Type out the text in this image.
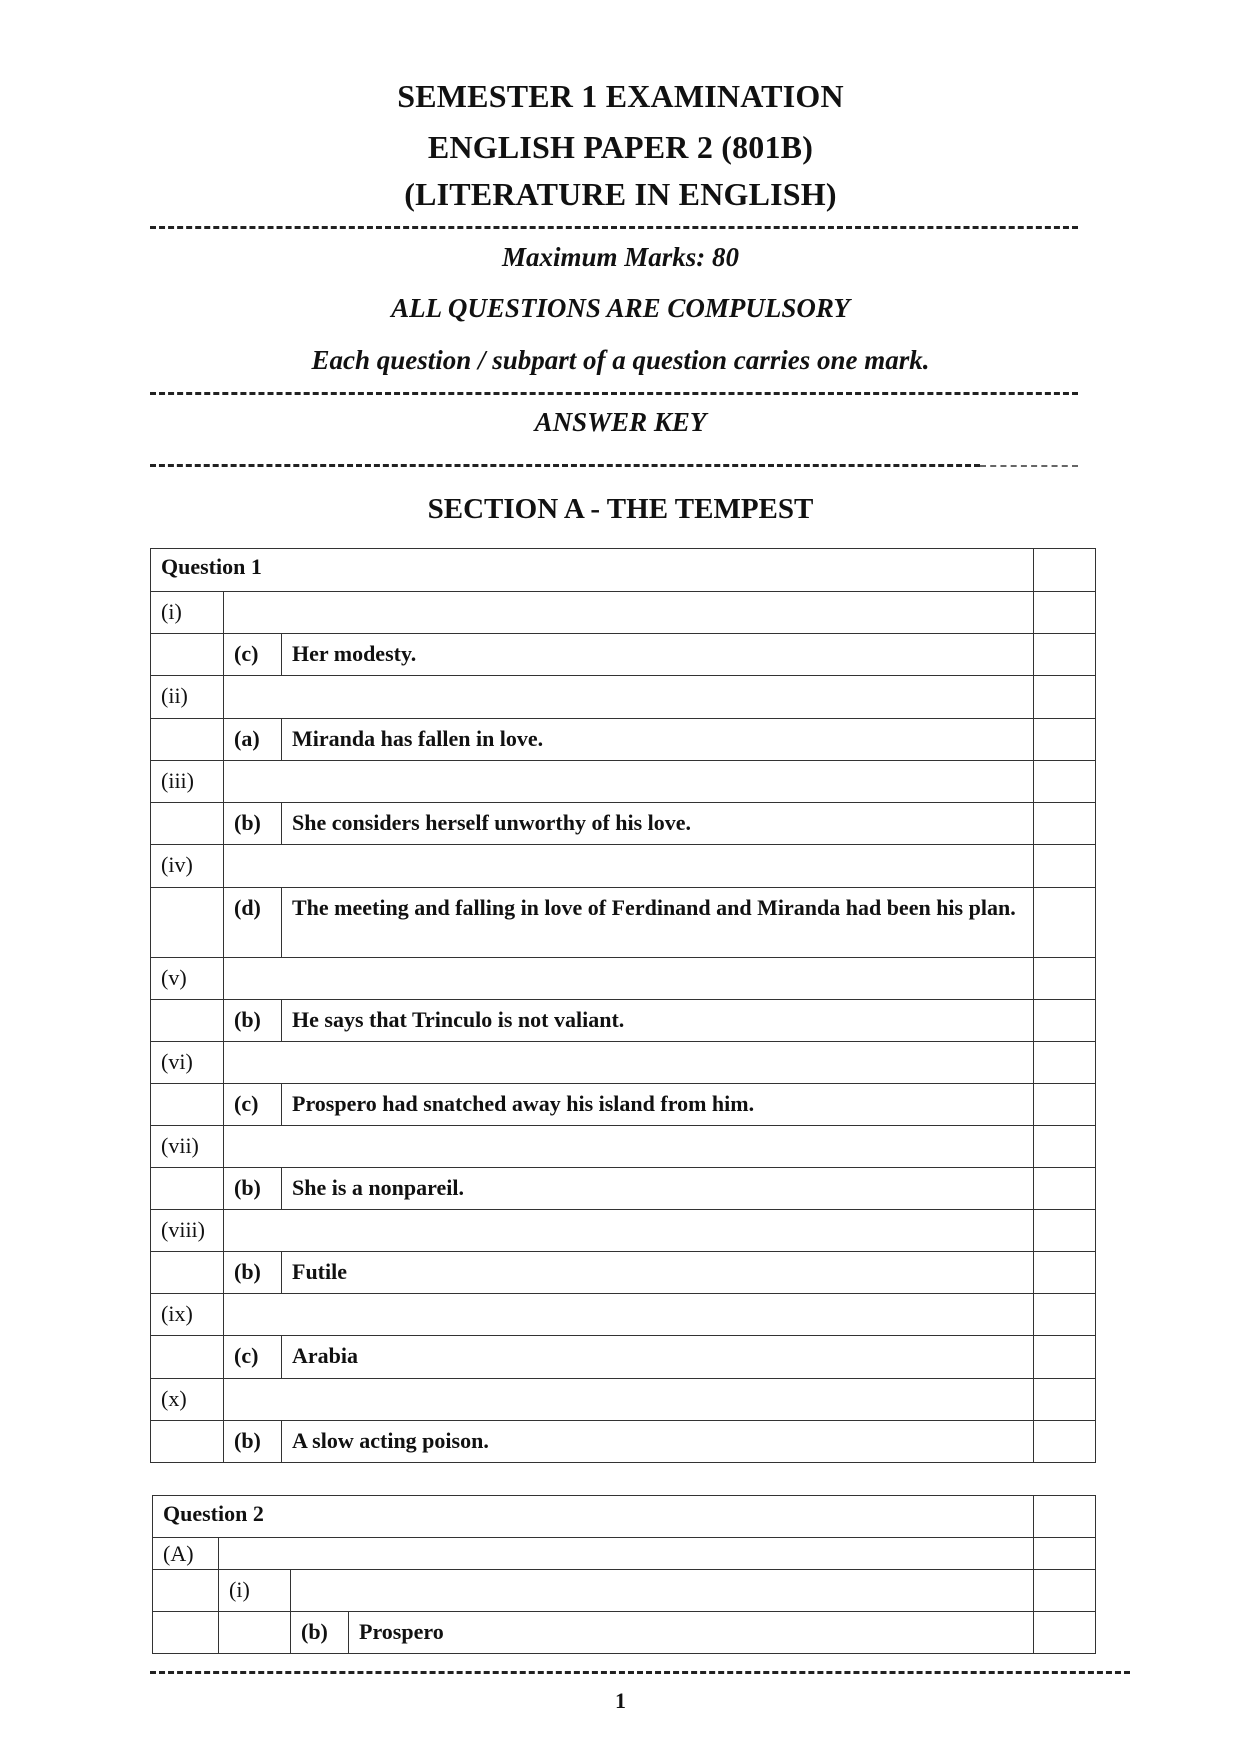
SEMESTER 1 EXAMINATION
ENGLISH PAPER 2 (801B)
(LITERATURE IN ENGLISH)
Maximum Marks: 80
ALL QUESTIONS ARE COMPULSORY
Each question / subpart of a question carries one mark.
ANSWER KEY
SECTION A - THE TEMPEST
Question 1			
(i)			
	(c)	Her modesty.	
(ii)			
	(a)	Miranda has fallen in love.	
(iii)			
	(b)	She considers herself unworthy of his love.	
(iv)			
	(d)	The meeting and falling in love of Ferdinand and Miranda had been his plan.	
(v)			
	(b)	He says that Trinculo is not valiant.	
(vi)			
	(c)	Prospero had snatched away his island from him.	
(vii)			
	(b)	She is a nonpareil.	
(viii)			
	(b)	Futile	
(ix)			
	(c)	Arabia	
(x)			
	(b)	A slow acting poison.	
Question 2				
(A)				
	(i)			
		(b)	Prospero	
1
